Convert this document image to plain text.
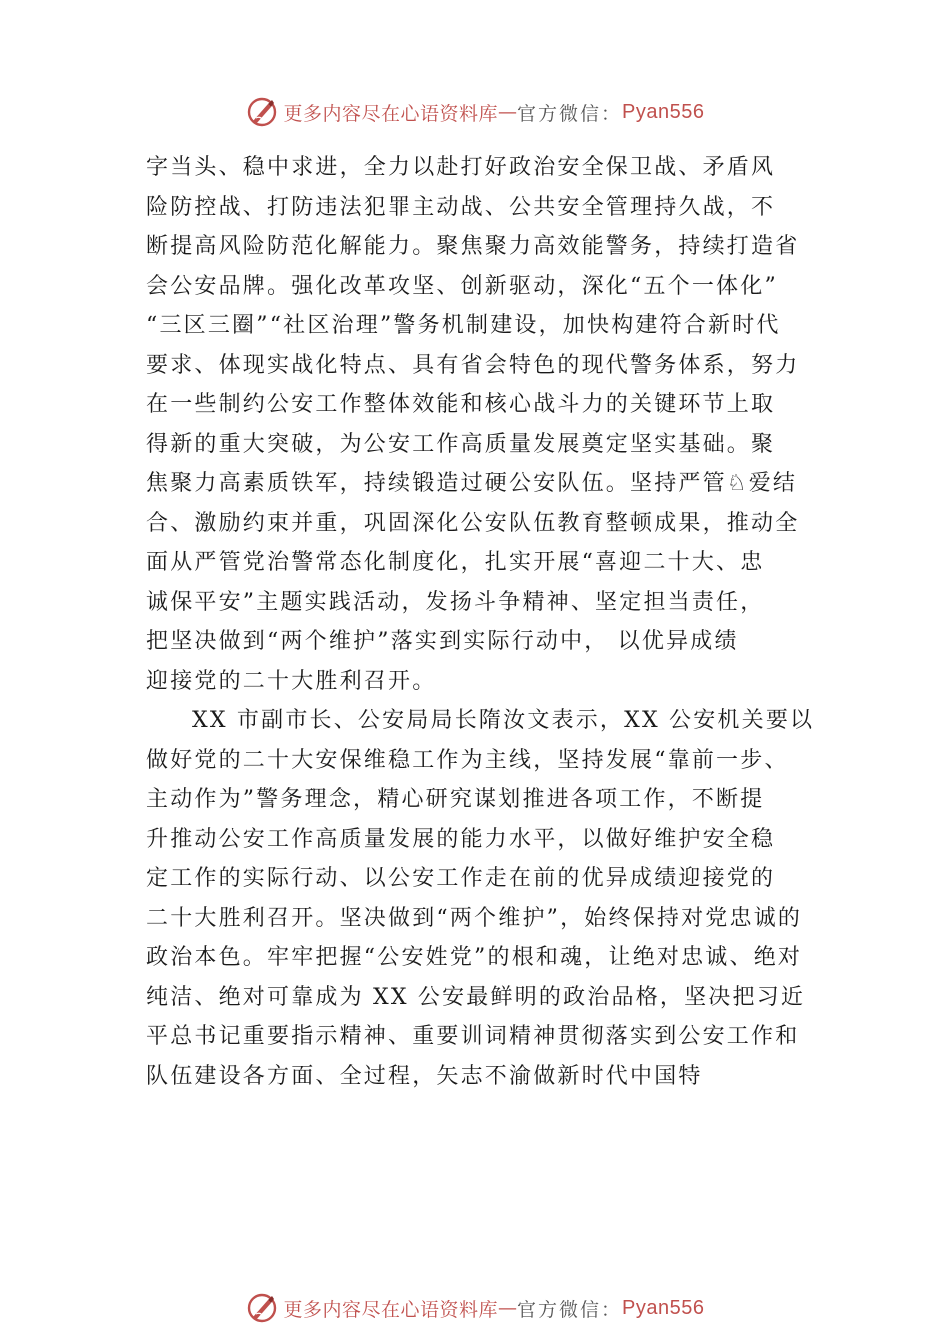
更多内容尽在心语资料库 — 官方微信： Pyan556
字当头、稳中求进，全力以赴打好政治安全保卫战、矛盾风
险防控战、打防违法犯罪主动战、公共安全管理持久战，不
断提高风险防范化解能力。聚焦聚力高效能警务，持续打造省
会公安品牌。强化改革攻坚、创新驱动，深化“五个一体化”
“三区三圈”“社区治理”警务机制建设，加快构建符合新时代
要求、体现实战化特点、具有省会特色的现代警务体系，努力
在一些制约公安工作整体效能和核心战斗力的关键环节上取
得新的重大突破，为公安工作高质量发展奠定坚实基础。聚
焦聚力高素质铁军，持续锻造过硬公安队伍。坚持严管♘爱结
合、激励约束并重，巩固深化公安队伍教育整顿成果，推动全
面从严管党治警常态化制度化，扎实开展“喜迎二十大、忠
诚保平安”主题实践活动，发扬斗争精神、坚定担当责任，
把坚决做到“两个维护”落实到实际行动中， 以优异成绩
迎接党的二十大胜利召开。
XX 市副市长、公安局局长隋汝文表示，XX 公安机关要以
做好党的二十大安保维稳工作为主线，坚持发展“靠前一步、
主动作为”警务理念，精心研究谋划推进各项工作，不断提
升推动公安工作高质量发展的能力水平，以做好维护安全稳
定工作的实际行动、以公安工作走在前的优异成绩迎接党的
二十大胜利召开。坚决做到“两个维护”，始终保持对党忠诚的
政治本色。牢牢把握“公安姓党”的根和魂，让绝对忠诚、绝对
纯洁、绝对可靠成为 XX 公安最鲜明的政治品格，坚决把习近
平总书记重要指示精神、重要训词精神贯彻落实到公安工作和
队伍建设各方面、全过程，矢志不渝做新时代中国特
更多内容尽在心语资料库 — 官方微信： Pyan556
